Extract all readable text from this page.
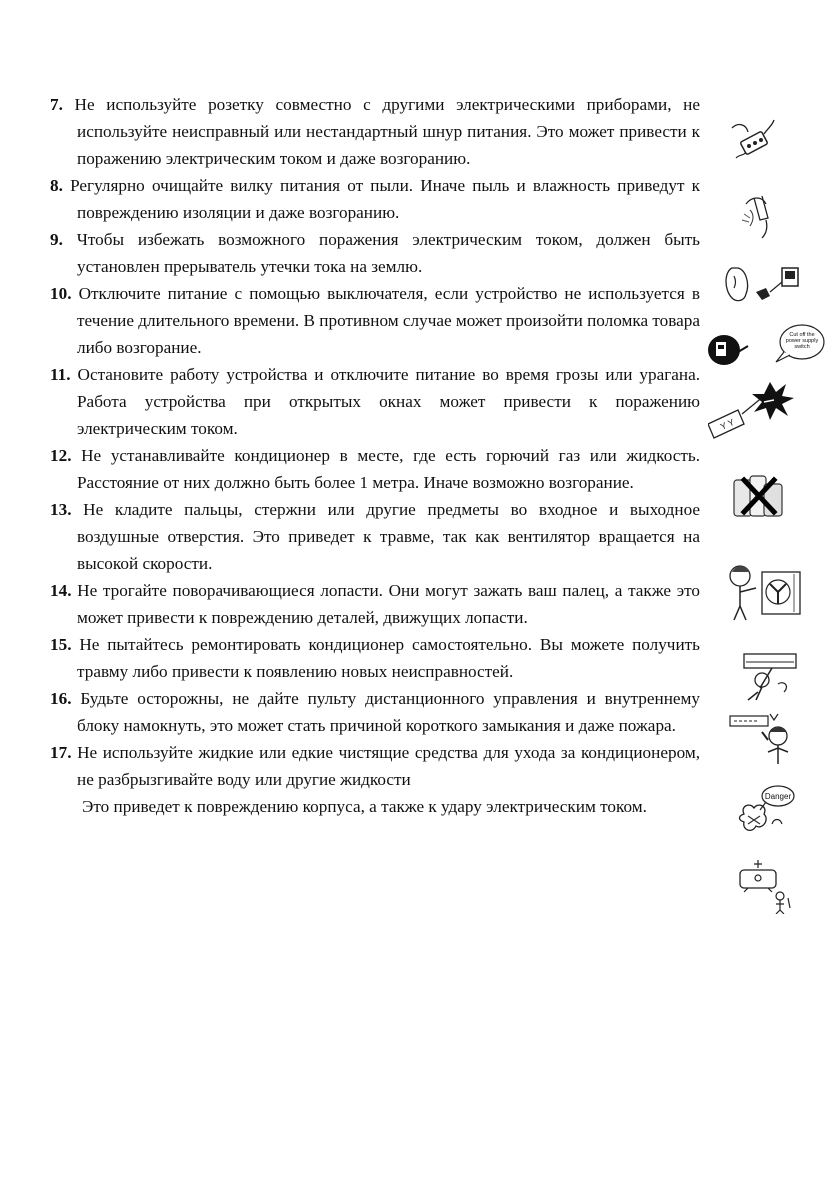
7. Не используйте розетку совместно с другими электрическими приборами, не используйте неисправный или нестандартный шнур питания. Это может привести к поражению электрическим током и даже возгоранию.

8. Регулярно очищайте вилку питания от пыли. Иначе пыль и влажность приведут к повреждению изоляции и даже возгоранию.

9. Чтобы избежать возможного поражения электрическим током, должен быть установлен прерыватель утечки тока на землю.

10. Отключите питание с помощью выключателя, если устройство не используется в течение длительного времени. В противном случае может произойти поломка товара либо возгорание.

11. Остановите работу устройства и отключите питание во время грозы или урагана. Работа устройства при открытых окнах может привести к поражению электрическим током.

12. Не устанавливайте кондиционер в месте, где есть горючий газ или жидкость. Расстояние от них должно быть более 1 метра. Иначе возможно возгорание.

13. Не кладите пальцы, стержни или другие предметы во входное и выходное воздушные отверстия. Это приведет к травме, так как вентилятор вращается на высокой скорости.

14. Не трогайте поворачивающиеся лопасти. Они могут зажать ваш палец, а также это может привести к повреждению деталей, движущих лопасти.

15. Не пытайтесь ремонтировать кондиционер самостоятельно. Вы можете получить травму либо привести к появлению новых неисправностей.

16. Будьте осторожны, не дайте пульту дистанционного управления и внутреннему блоку намокнуть, это может стать причиной короткого замыкания и даже пожара.

17. Не используйте жидкие или едкие чистящие средства для ухода за кондиционером, не разбрызгивайте воду или другие жидкости

Это приведет к повреждению корпуса, а также к удару электрическим током.

Cut off the power supply switch
Y Y
Danger
